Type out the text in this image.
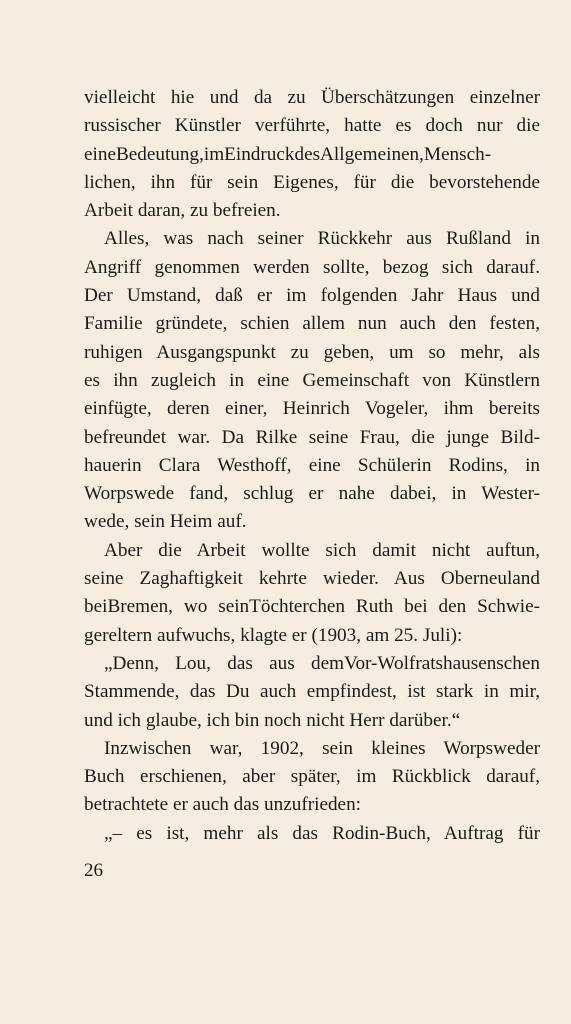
vielleicht hie und da zu Überschätzungen einzelner
russischer Künstler verführte, hatte es doch nur die
eineBedeutung,imEindruckdesAllgemeinen,Mensch-
lichen, ihn für sein Eigenes, für die bevorstehende
Arbeit daran, zu befreien.
Alles, was nach seiner Rückkehr aus Rußland in
Angriff genommen werden sollte, bezog sich darauf.
Der Umstand, daß er im folgenden Jahr Haus und
Familie gründete, schien allem nun auch den festen,
ruhigen Ausgangspunkt zu geben, um so mehr, als
es ihn zugleich in eine Gemeinschaft von Künstlern
einfügte, deren einer, Heinrich Vogeler, ihm bereits
befreundet war. Da Rilke seine Frau, die junge Bild-
hauerin Clara Westhoff, eine Schülerin Rodins, in
Worpswede fand, schlug er nahe dabei, in Wester-
wede, sein Heim auf.
Aber die Arbeit wollte sich damit nicht auftun,
seine Zaghaftigkeit kehrte wieder. Aus Oberneuland
beiBremen, wo seinTöchterchen Ruth bei den Schwie-
gereltern aufwuchs, klagte er (1903, am 25. Juli):
„Denn, Lou, das aus demVor-Wolfratshausenschen
Stammende, das Du auch empfindest, ist stark in mir,
und ich glaube, ich bin noch nicht Herr darüber.“
Inzwischen war, 1902, sein kleines Worpsweder
Buch erschienen, aber später, im Rückblick darauf,
betrachtete er auch das unzufrieden:
„– es ist, mehr als das Rodin-Buch, Auftrag für
26
